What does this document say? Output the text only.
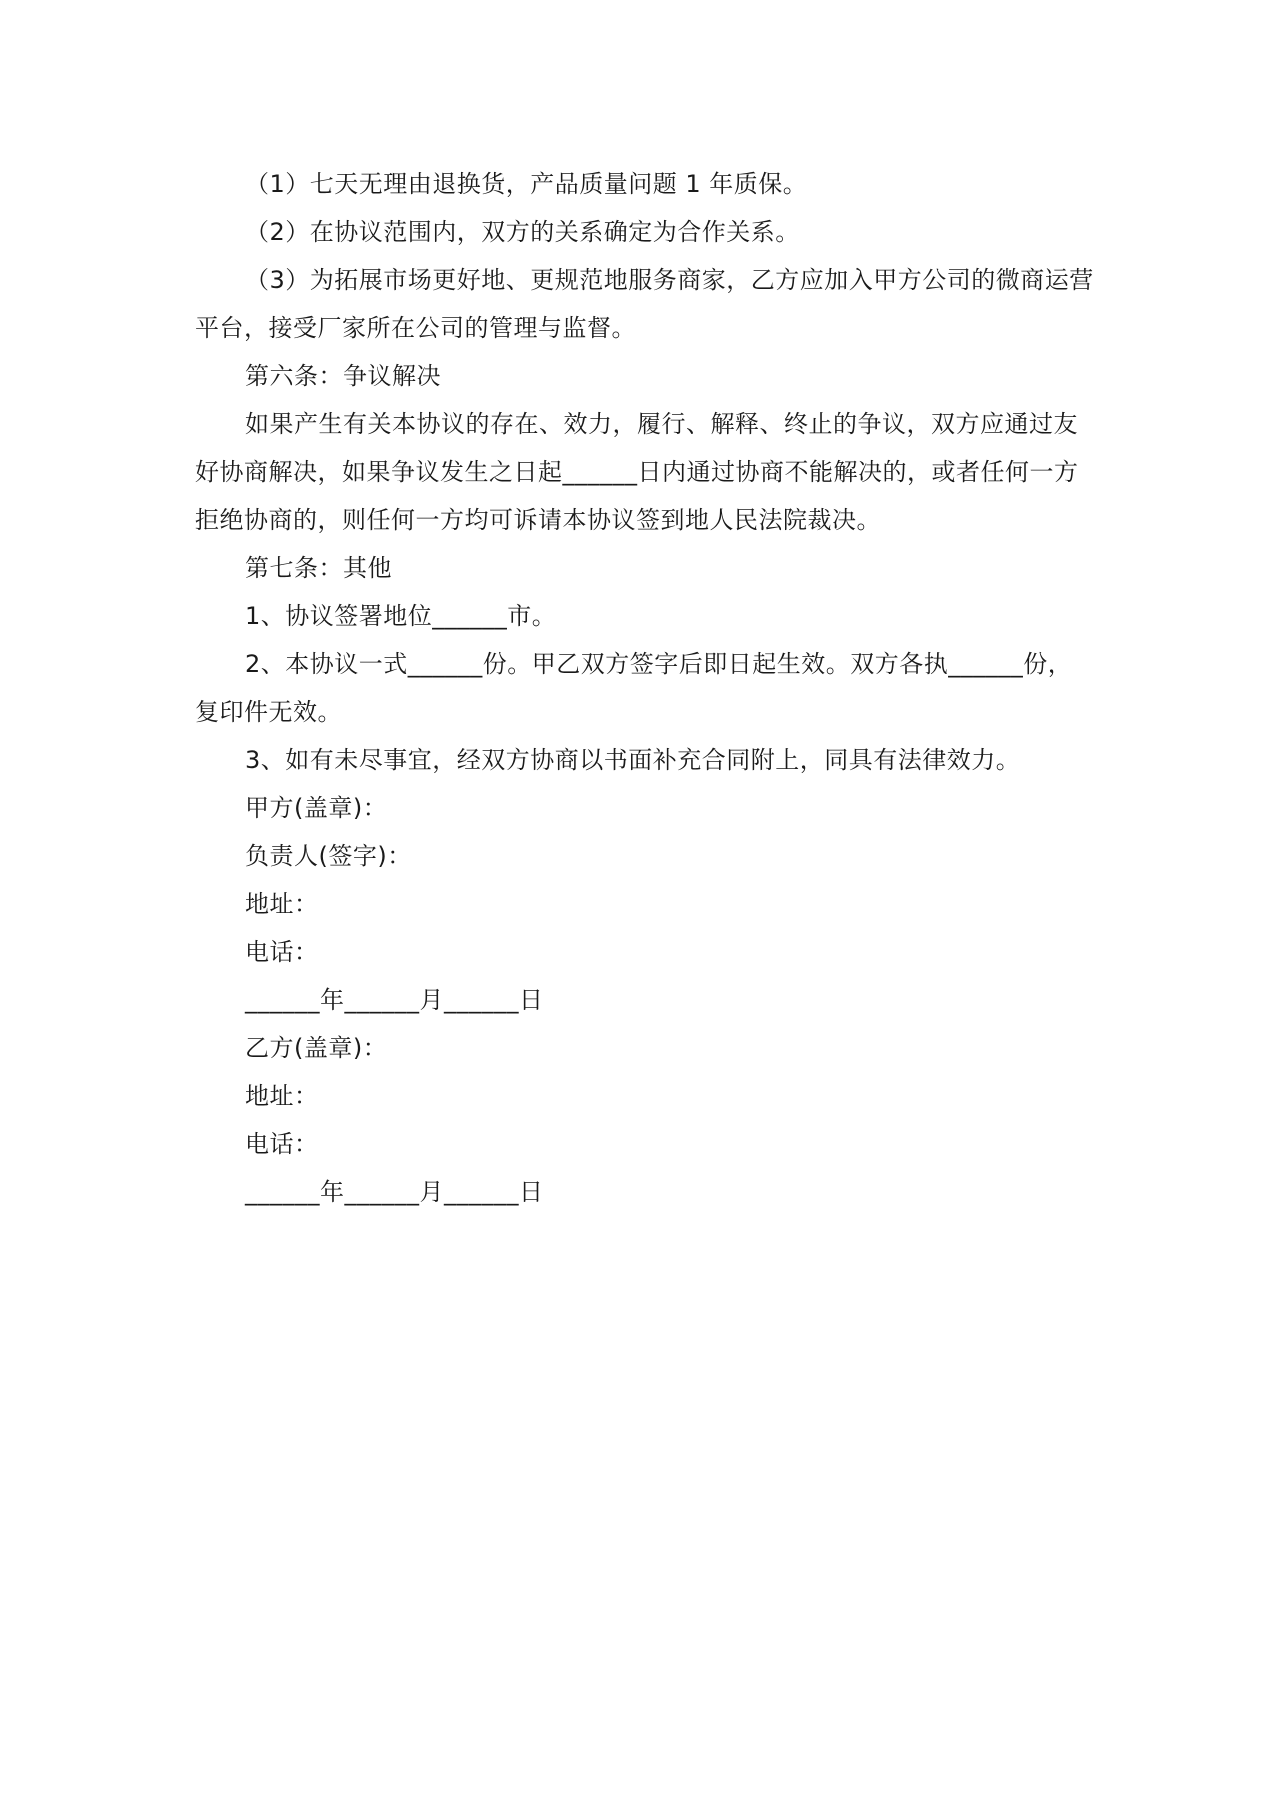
（1）七天无理由退换货，产品质量问题 1 年质保。

（2）在协议范围内，双方的关系确定为合作关系。

（3）为拓展市场更好地、更规范地服务商家，乙方应加入甲方公司的微商运营平台，接受厂家所在公司的管理与监督。

第六条：争议解决

如果产生有关本协议的存在、效力，履行、解释、终止的争议，双方应通过友好协商解决，如果争议发生之日起______日内通过协商不能解决的，或者任何一方拒绝协商的，则任何一方均可诉请本协议签到地人民法院裁决。

第七条：其他

1、协议签署地位______市。

2、本协议一式______份。甲乙双方签字后即日起生效。双方各执______份，复印件无效。

3、如有未尽事宜，经双方协商以书面补充合同附上，同具有法律效力。

甲方(盖章)：

负责人(签字)：

地址：

电话：

______年______月______日

乙方(盖章)：

地址：

电话：

______年______月______日
